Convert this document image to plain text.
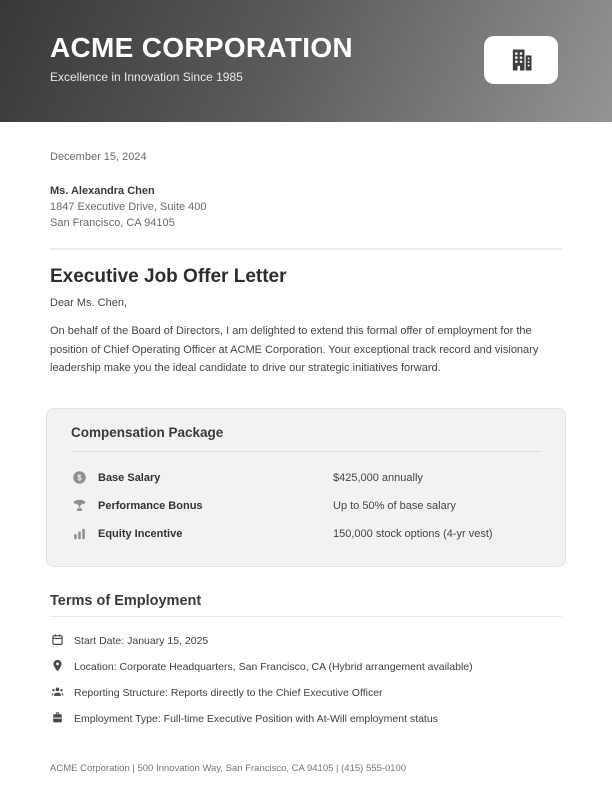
ACME CORPORATION
Excellence in Innovation Since 1985
December 15, 2024
Ms. Alexandra Chen
1847 Executive Drive, Suite 400
San Francisco, CA 94105
Executive Job Offer Letter
Dear Ms. Chen,
On behalf of the Board of Directors, I am delighted to extend this formal offer of employment for the position of Chief Operating Officer at ACME Corporation. Your exceptional track record and visionary leadership make you the ideal candidate to drive our strategic initiatives forward.
Compensation Package
$ Base Salary	$425,000 annually
Performance Bonus	Up to 50% of base salary
Equity Incentive	150,000 stock options (4-yr vest)
Terms of Employment
Start Date: January 15, 2025
Location: Corporate Headquarters, San Francisco, CA (Hybrid arrangement available)
Reporting Structure: Reports directly to the Chief Executive Officer
Employment Type: Full-time Executive Position with At-Will employment status
ACME Corporation | 500 Innovation Way, San Francisco, CA 94105 | (415) 555-0100
